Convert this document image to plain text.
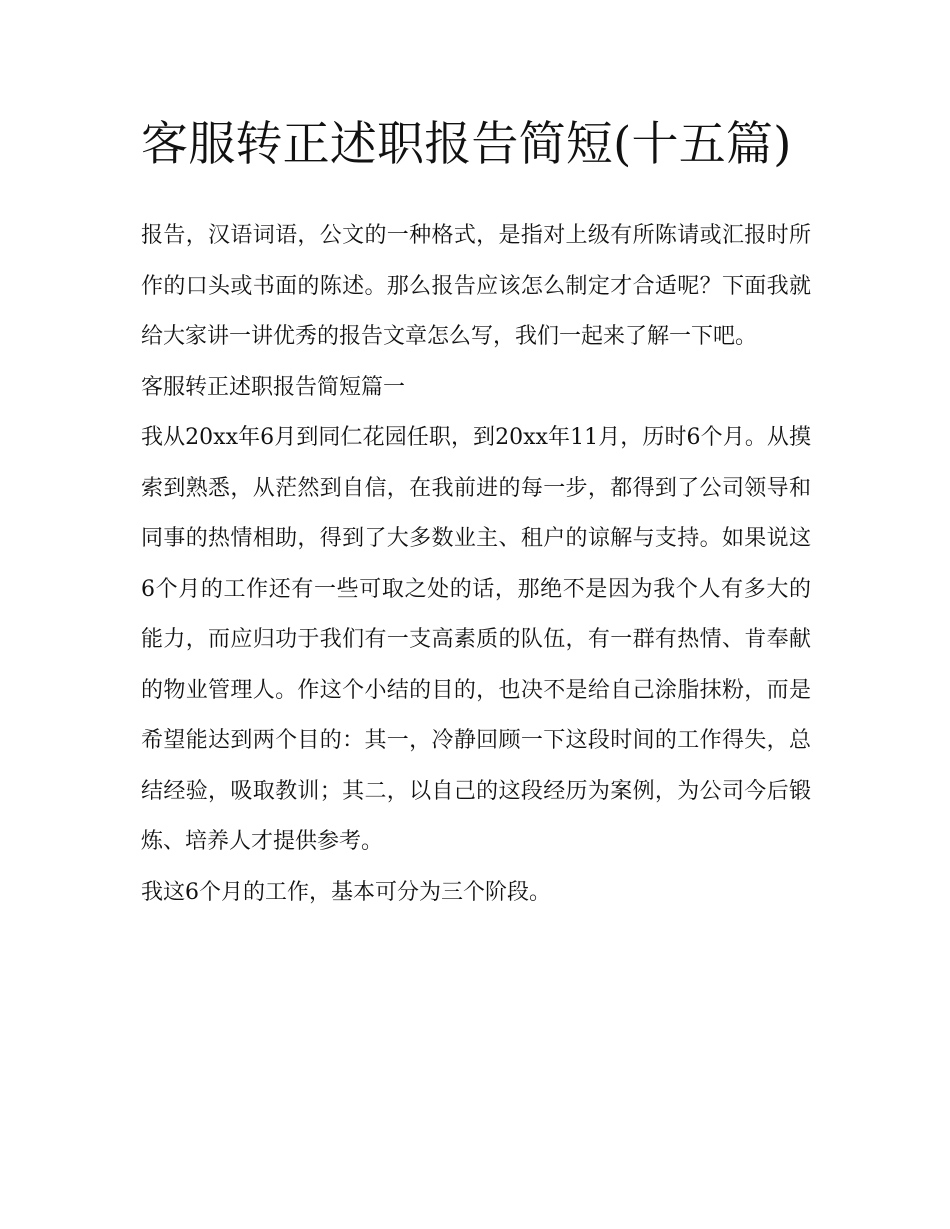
客服转正述职报告简短(十五篇)

报告，汉语词语，公文的一种格式，是指对上级有所陈请或汇报时所作的口头或书面的陈述。那么报告应该怎么制定才合适呢？下面我就给大家讲一讲优秀的报告文章怎么写，我们一起来了解一下吧。

客服转正述职报告简短篇一

我从20xx年6月到同仁花园任职，到20xx年11月，历时6个月。从摸索到熟悉，从茫然到自信，在我前进的每一步，都得到了公司领导和同事的热情相助，得到了大多数业主、租户的谅解与支持。如果说这6个月的工作还有一些可取之处的话，那绝不是因为我个人有多大的能力，而应归功于我们有一支高素质的队伍，有一群有热情、肯奉献的物业管理人。作这个小结的目的，也决不是给自己涂脂抹粉，而是希望能达到两个目的：其一，冷静回顾一下这段时间的工作得失，总结经验，吸取教训；其二，以自己的这段经历为案例，为公司今后锻炼、培养人才提供参考。

我这6个月的工作，基本可分为三个阶段。
